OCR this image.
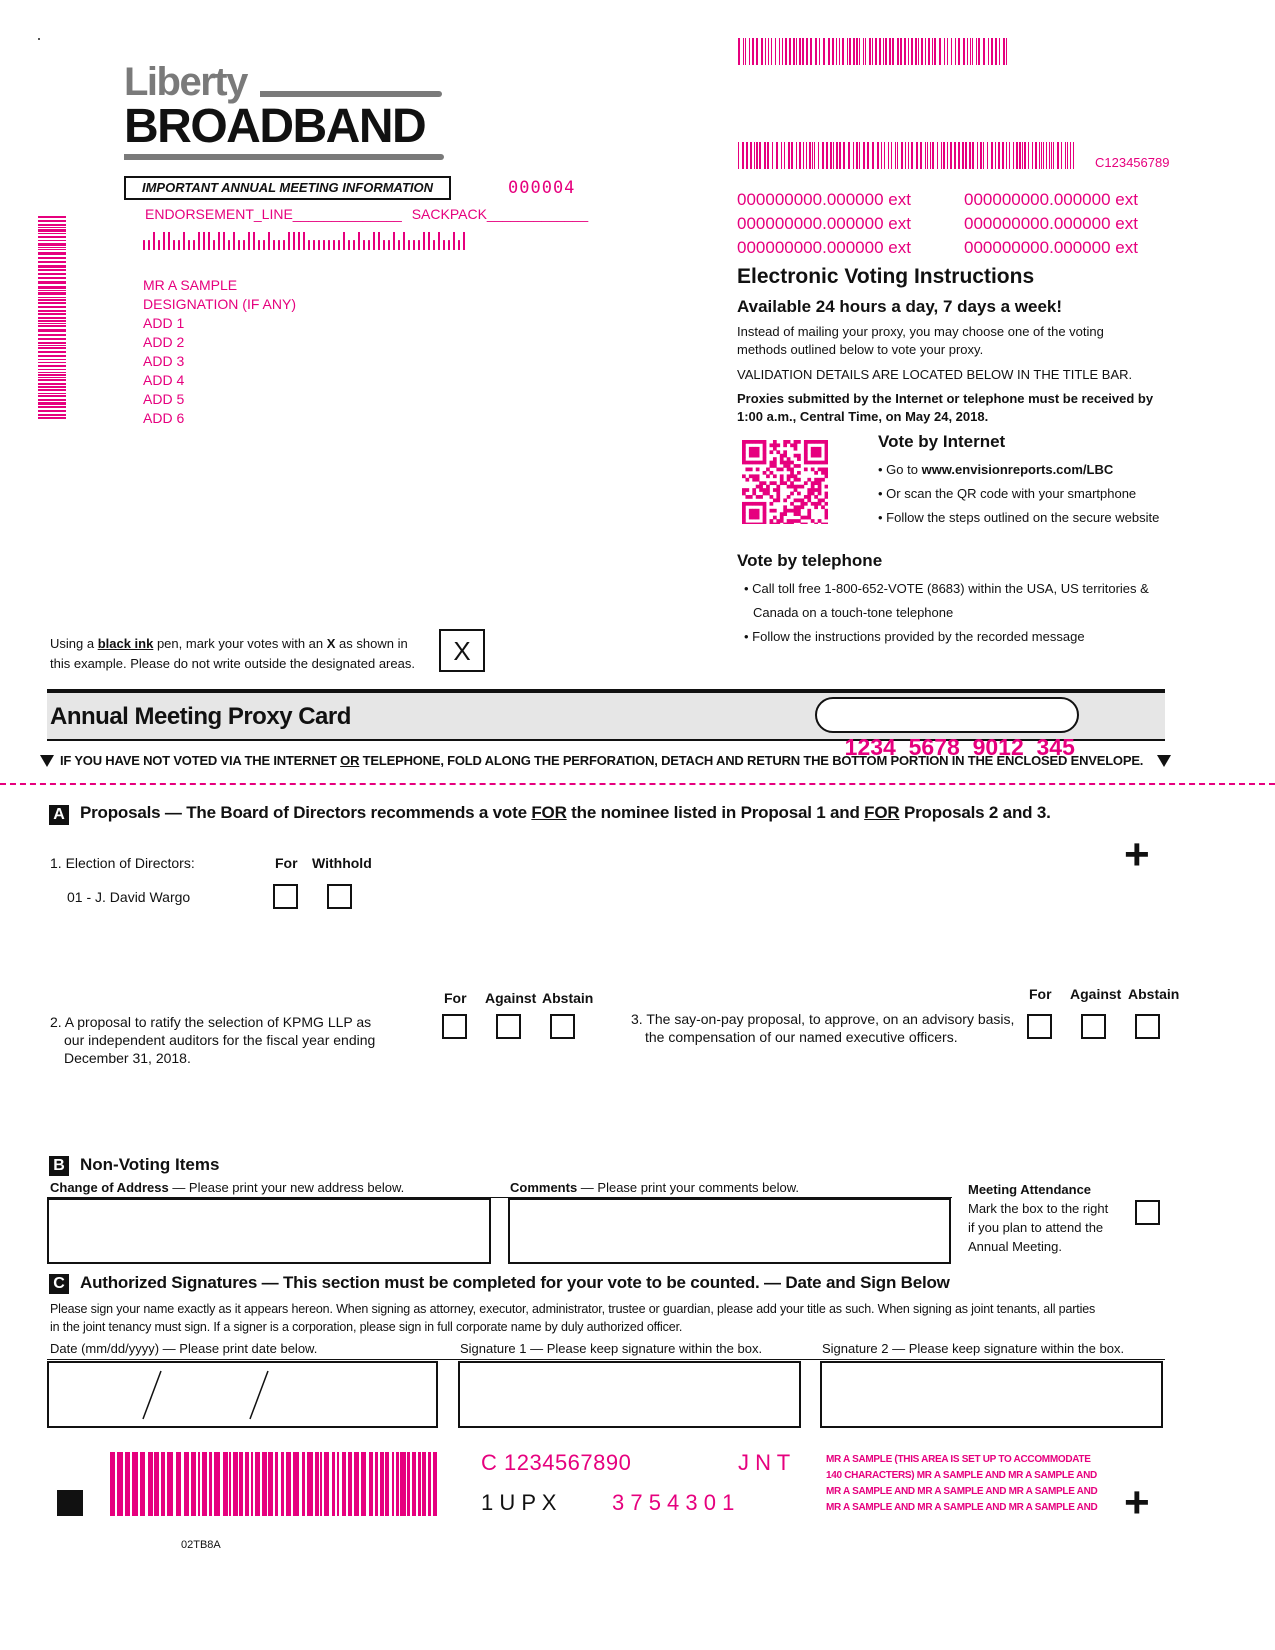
Liberty
BROADBAND
IMPORTANT ANNUAL MEETING INFORMATION	000004
ENDORSEMENT_LINE______________ SACKPACK_____________
MR A SAMPLE
DESIGNATION (IF ANY)
ADD 1
ADD 2
ADD 3
ADD 4
ADD 5
ADD 6
C123456789
000000000.000000 ext	000000000.000000 ext
000000000.000000 ext	000000000.000000 ext
000000000.000000 ext	000000000.000000 ext
Electronic Voting Instructions
Available 24 hours a day, 7 days a week!
Instead of mailing your proxy, you may choose one of the voting
methods outlined below to vote your proxy.
VALIDATION DETAILS ARE LOCATED BELOW IN THE TITLE BAR.
Proxies submitted by the Internet or telephone must be received by
1:00 a.m., Central Time, on May 24, 2018.
Vote by Internet
• Go to www.envisionreports.com/LBC
• Or scan the QR code with your smartphone
• Follow the steps outlined on the secure website
Vote by telephone
• Call toll free 1-800-652-VOTE (8683) within the USA, US territories &
Canada on a touch-tone telephone
• Follow the instructions provided by the recorded message
Using a black ink pen, mark your votes with an X as shown in
this example. Please do not write outside the designated areas.	X
Annual Meeting Proxy Card

1234  5678  9012  345

IF YOU HAVE NOT VOTED VIA THE INTERNET OR TELEPHONE, FOLD ALONG THE PERFORATION, DETACH AND RETURN THE BOTTOM PORTION IN THE ENCLOSED ENVELOPE.
A Proposals — The Board of Directors recommends a vote FOR the nominee listed in Proposal 1 and FOR Proposals 2 and 3.
+
1. Election of Directors:	For Withhold
01 - J. David Wargo
2. A proposal to ratify the selection of KPMG LLP as
our independent auditors for the fiscal year ending
December 31, 2018.
For Against Abstain
3. The say-on-pay proposal, to approve, on an advisory basis,
the compensation of our named executive officers.
For Against Abstain
B Non-Voting Items
Change of Address — Please print your new address below.	Comments — Please print your comments below.	Meeting Attendance
Mark the box to the right
if you plan to attend the
Annual Meeting.
C Authorized Signatures — This section must be completed for your vote to be counted. — Date and Sign Below
Please sign your name exactly as it appears hereon. When signing as attorney, executor, administrator, trustee or guardian, please add your title as such. When signing as joint tenants, all parties
in the joint tenancy must sign. If a signer is a corporation, please sign in full corporate name by duly authorized officer.
Date (mm/dd/yyyy) — Please print date below.	Signature 1 — Please keep signature within the box.	Signature 2 — Please keep signature within the box.
C 1234567890	J N T
1 U P X	3 7 5 4 3 0 1
MR A SAMPLE (THIS AREA IS SET UP TO ACCOMMODATE
140 CHARACTERS) MR A SAMPLE AND MR A SAMPLE AND
MR A SAMPLE AND MR A SAMPLE AND MR A SAMPLE AND
MR A SAMPLE AND MR A SAMPLE AND MR A SAMPLE AND +
02TB8A
